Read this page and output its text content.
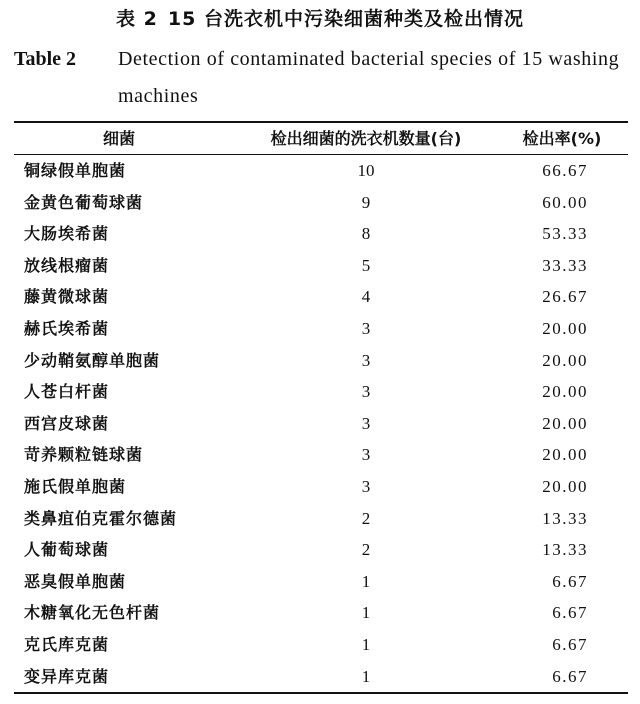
表 2 15 台洗衣机中污染细菌种类及检出情况
Table 2 Detection of contaminated bacterial species of 15 washing machines
细菌	检出细菌的洗衣机数量(台)	检出率(%)
铜绿假单胞菌	10	66.67
金黄色葡萄球菌	9	60.00
大肠埃希菌	8	53.33
放线根瘤菌	5	33.33
藤黄微球菌	4	26.67
赫氏埃希菌	3	20.00
少动鞘氨醇单胞菌	3	20.00
人苍白杆菌	3	20.00
西宫皮球菌	3	20.00
苛养颗粒链球菌	3	20.00
施氏假单胞菌	3	20.00
类鼻疽伯克霍尔德菌	2	13.33
人葡萄球菌	2	13.33
恶臭假单胞菌	1	6.67
木糖氧化无色杆菌	1	6.67
克氏库克菌	1	6.67
变异库克菌	1	6.67
